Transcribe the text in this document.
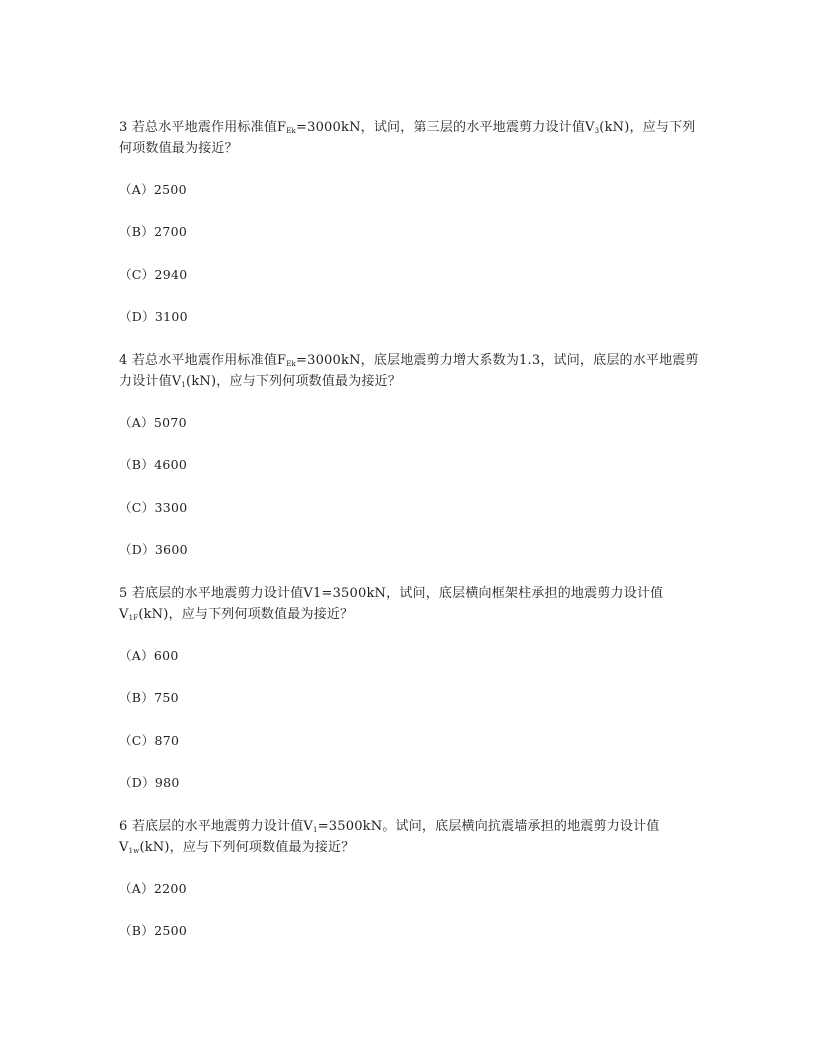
3 若总水平地震作用标准值$F_{Ek}=3000kN$，试问，第三层的水平地震剪力设计值$V_3(kN)$，应与下列何项数值最为接近？
（A）2500
（B）2700
（C）2940
（D）3100
4 若总水平地震作用标准值$F_{Ek}=3000kN$，底层地震剪力增大系数为1.3，试问，底层的水平地震剪力设计值$V_1(kN)$，应与下列何项数值最为接近？
（A）5070
（B）4600
（C）3300
（D）3600
5 若底层的水平地震剪力设计值V1=3500kN，试问，底层横向框架柱承担的地震剪力设计值$V_{1F}(kN)$，应与下列何项数值最为接近？
（A）600
（B）750
（C）870
（D）980
6 若底层的水平地震剪力设计值$V_1=3500kN$。试问，底层横向抗震墙承担的地震剪力设计值$V_{1w}(kN)$，应与下列何项数值最为接近？
（A）2200
（B）2500
